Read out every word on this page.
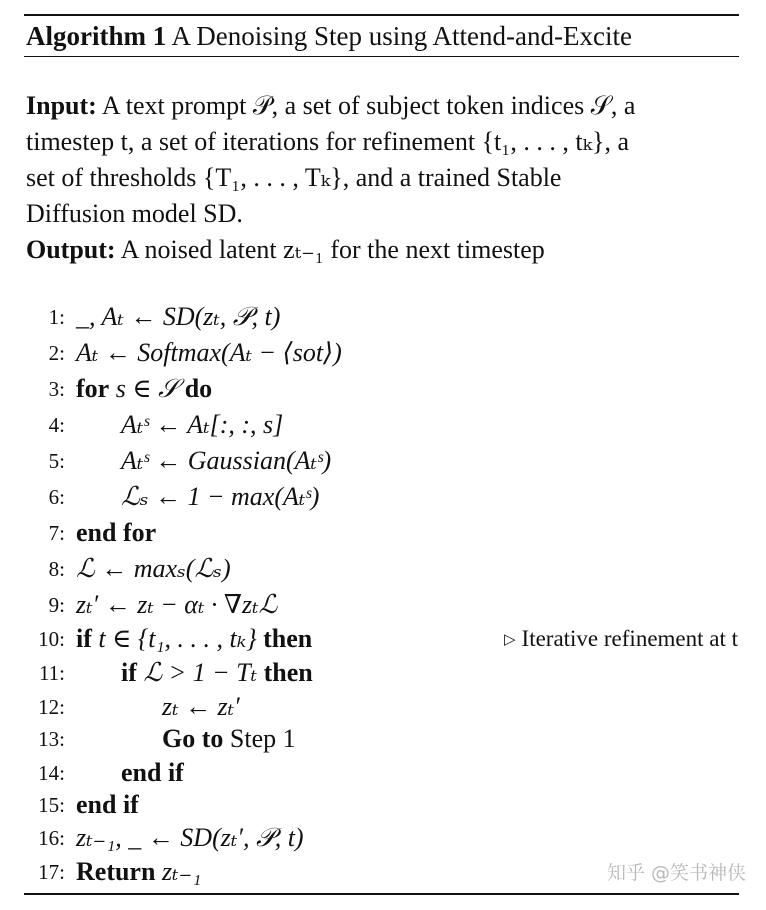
Algorithm 1 A Denoising Step using Attend-and-Excite
Input: A text prompt 𝒫, a set of subject token indices 𝒮, a
timestep t, a set of iterations for refinement {t₁, . . . , tₖ}, a
set of thresholds {T₁, . . . , Tₖ}, and a trained Stable
Diffusion model SD.
Output: A noised latent zₜ₋₁ for the next timestep
1: _, Aₜ ← SD(zₜ, 𝒫, t)
2: Aₜ ← Softmax(Aₜ − ⟨sot⟩)
3: for s ∈ 𝒮 do
4: Aₜˢ ← Aₜ[:, :, s]
5: Aₜˢ ← Gaussian(Aₜˢ)
6: ℒₛ ← 1 − max(Aₜˢ)
7: end for
8: ℒ ← maxₛ(ℒₛ)
9: zₜ′ ← zₜ − αₜ · ∇zₜℒ
10: if t ∈ {t₁, . . . , tₖ} then	▷ Iterative refinement at t
11: if ℒ > 1 − Tₜ then
12:	zₜ ← zₜ′
13:	Go to Step 1
14: end if
15: end if
16: zₜ₋₁, _ ← SD(zₜ′, 𝒫, t)
17: Return zₜ₋₁	知乎 @笑书神侠
